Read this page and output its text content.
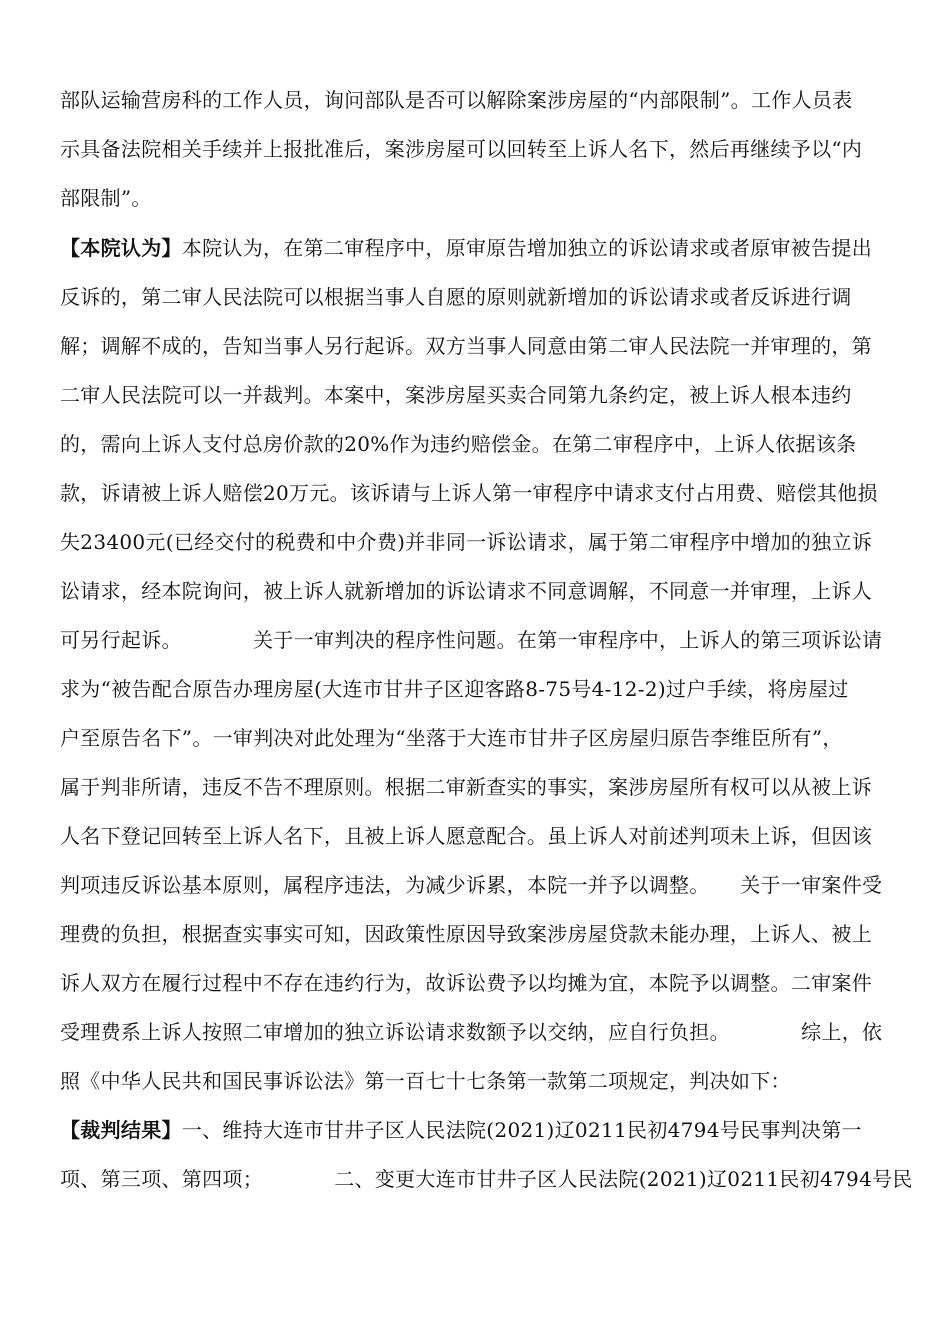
部队运输营房科的工作人员，询问部队是否可以解除案涉房屋的“内部限制”。工作人员表
示具备法院相关手续并上报批准后，案涉房屋可以回转至上诉人名下，然后再继续予以“内
部限制”。
【本院认为】本院认为，在第二审程序中，原审原告增加独立的诉讼请求或者原审被告提出
反诉的，第二审人民法院可以根据当事人自愿的原则就新增加的诉讼请求或者反诉进行调
解；调解不成的，告知当事人另行起诉。双方当事人同意由第二审人民法院一并审理的，第
二审人民法院可以一并裁判。本案中，案涉房屋买卖合同第九条约定，被上诉人根本违约
的，需向上诉人支付总房价款的20%作为违约赔偿金。在第二审程序中，上诉人依据该条
款，诉请被上诉人赔偿20万元。该诉请与上诉人第一审程序中请求支付占用费、赔偿其他损
失23400元(已经交付的税费和中介费)并非同一诉讼请求，属于第二审程序中增加的独立诉
讼请求，经本院询问，被上诉人就新增加的诉讼请求不同意调解，不同意一并审理，上诉人
可另行起诉。　　　　关于一审判决的程序性问题。在第一审程序中，上诉人的第三项诉讼请
求为“被告配合原告办理房屋(大连市甘井子区迎客路8-75号4-12-2)过户手续，将房屋过
户至原告名下”。一审判决对此处理为“坐落于大连市甘井子区房屋归原告李维臣所有”，
属于判非所请，违反不告不理原则。根据二审新查实的事实，案涉房屋所有权可以从被上诉
人名下登记回转至上诉人名下，且被上诉人愿意配合。虽上诉人对前述判项未上诉，但因该
判项违反诉讼基本原则，属程序违法，为减少诉累，本院一并予以调整。　　关于一审案件受
理费的负担，根据查实事实可知，因政策性原因导致案涉房屋贷款未能办理，上诉人、被上
诉人双方在履行过程中不存在违约行为，故诉讼费予以均摊为宜，本院予以调整。二审案件
受理费系上诉人按照二审增加的独立诉讼请求数额予以交纳，应自行负担。　　　　综上，依
照《中华人民共和国民事诉讼法》第一百七十七条第一款第二项规定，判决如下：
【裁判结果】一、维持大连市甘井子区人民法院(2021)辽0211民初4794号民事判决第一
项、第三项、第四项；　　　　二、变更大连市甘井子区人民法院(2021)辽0211民初4794号民
